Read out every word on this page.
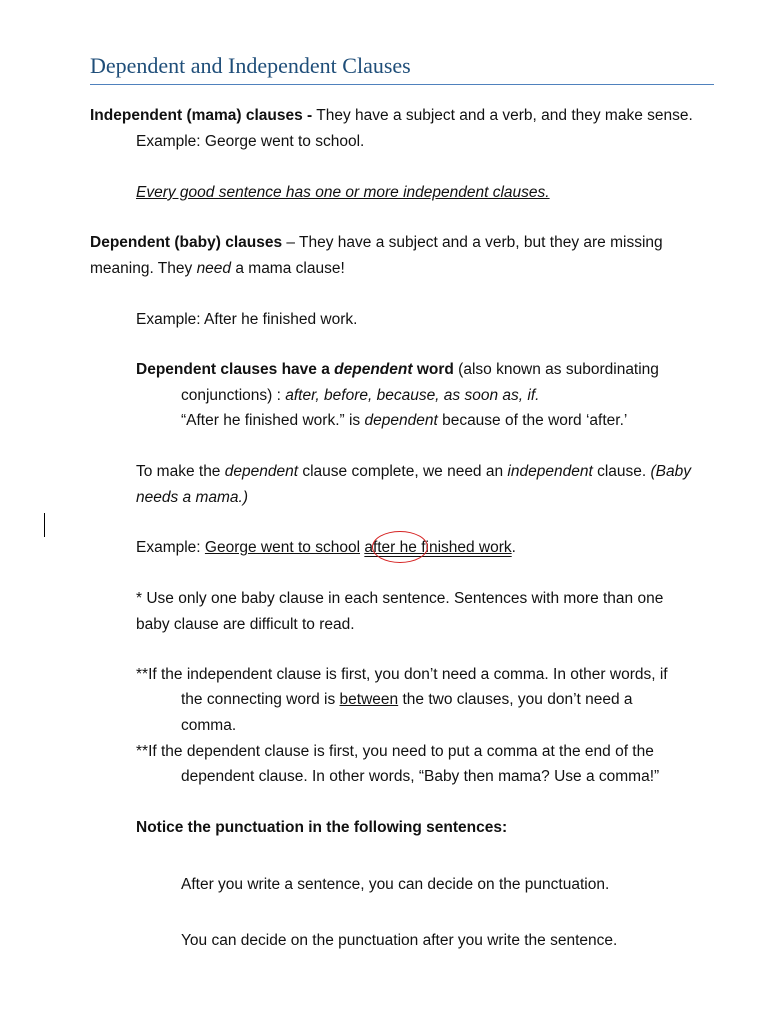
Dependent and Independent Clauses
Independent (mama) clauses - They have a subject and a verb, and they make sense.
Example: George went to school.
Every good sentence has one or more independent clauses.
Dependent (baby) clauses – They have a subject and a verb, but they are missing
meaning. They need a mama clause!
Example: After he finished work.
Dependent clauses have a dependent word (also known as subordinating
conjunctions) : after, before, because, as soon as, if.
“After he finished work.” is dependent because of the word ‘after.’
To make the dependent clause complete, we need an independent clause. (Baby
needs a mama.)
Example: George went to school after he finished work.
* Use only one baby clause in each sentence. Sentences with more than one
baby clause are difficult to read.
**If the independent clause is first, you don’t need a comma. In other words, if
the connecting word is between the two clauses, you don’t need a
comma.
**If the dependent clause is first, you need to put a comma at the end of the
dependent clause. In other words, “Baby then mama? Use a comma!”
Notice the punctuation in the following sentences:
After you write a sentence, you can decide on the punctuation.
You can decide on the punctuation after you write the sentence.
